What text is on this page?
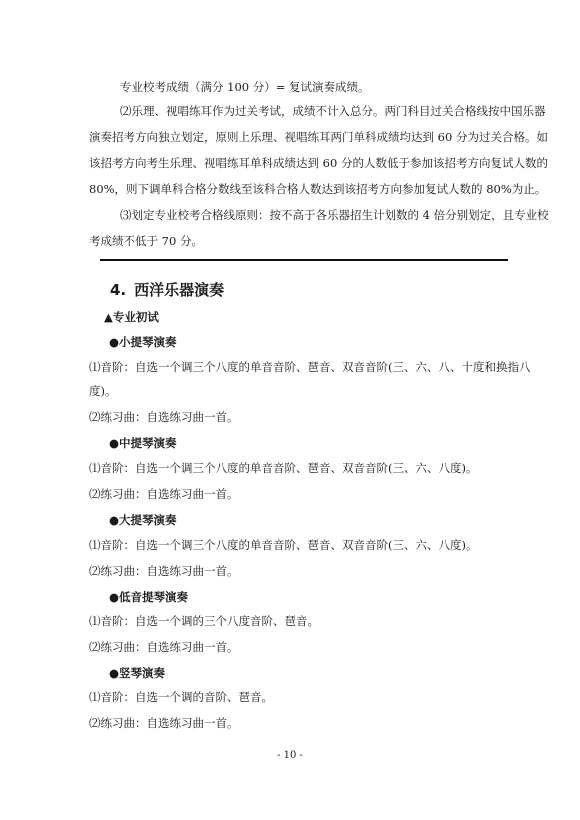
专业校考成绩（满分 100 分）= 复试演奏成绩。
⑵乐理、视唱练耳作为过关考试，成绩不计入总分。两门科目过关合格线按中国乐器
演奏招考方向独立划定，原则上乐理、视唱练耳两门单科成绩均达到 60 分为过关合格。如
该招考方向考生乐理、视唱练耳单科成绩达到 60 分的人数低于参加该招考方向复试人数的
80%，则下调单科合格分数线至该科合格人数达到该招考方向参加复试人数的 80%为止。
⑶划定专业校考合格线原则：按不高于各乐器招生计划数的 4 倍分别划定，且专业校
考成绩不低于 70 分。
4. 西洋乐器演奏
▲专业初试
●小提琴演奏
⑴音阶：自选一个调三个八度的单音音阶、琶音、双音音阶(三、六、八、十度和换指八
度)。
⑵练习曲：自选练习曲一首。
●中提琴演奏
⑴音阶：自选一个调三个八度的单音音阶、琶音、双音音阶(三、六、八度)。
⑵练习曲：自选练习曲一首。
●大提琴演奏
⑴音阶：自选一个调三个八度的单音音阶、琶音、双音音阶(三、六、八度)。
⑵练习曲：自选练习曲一首。
●低音提琴演奏
⑴音阶：自选一个调的三个八度音阶、琶音。
⑵练习曲：自选练习曲一首。
●竖琴演奏
⑴音阶：自选一个调的音阶、琶音。
⑵练习曲：自选练习曲一首。
- 10 -
